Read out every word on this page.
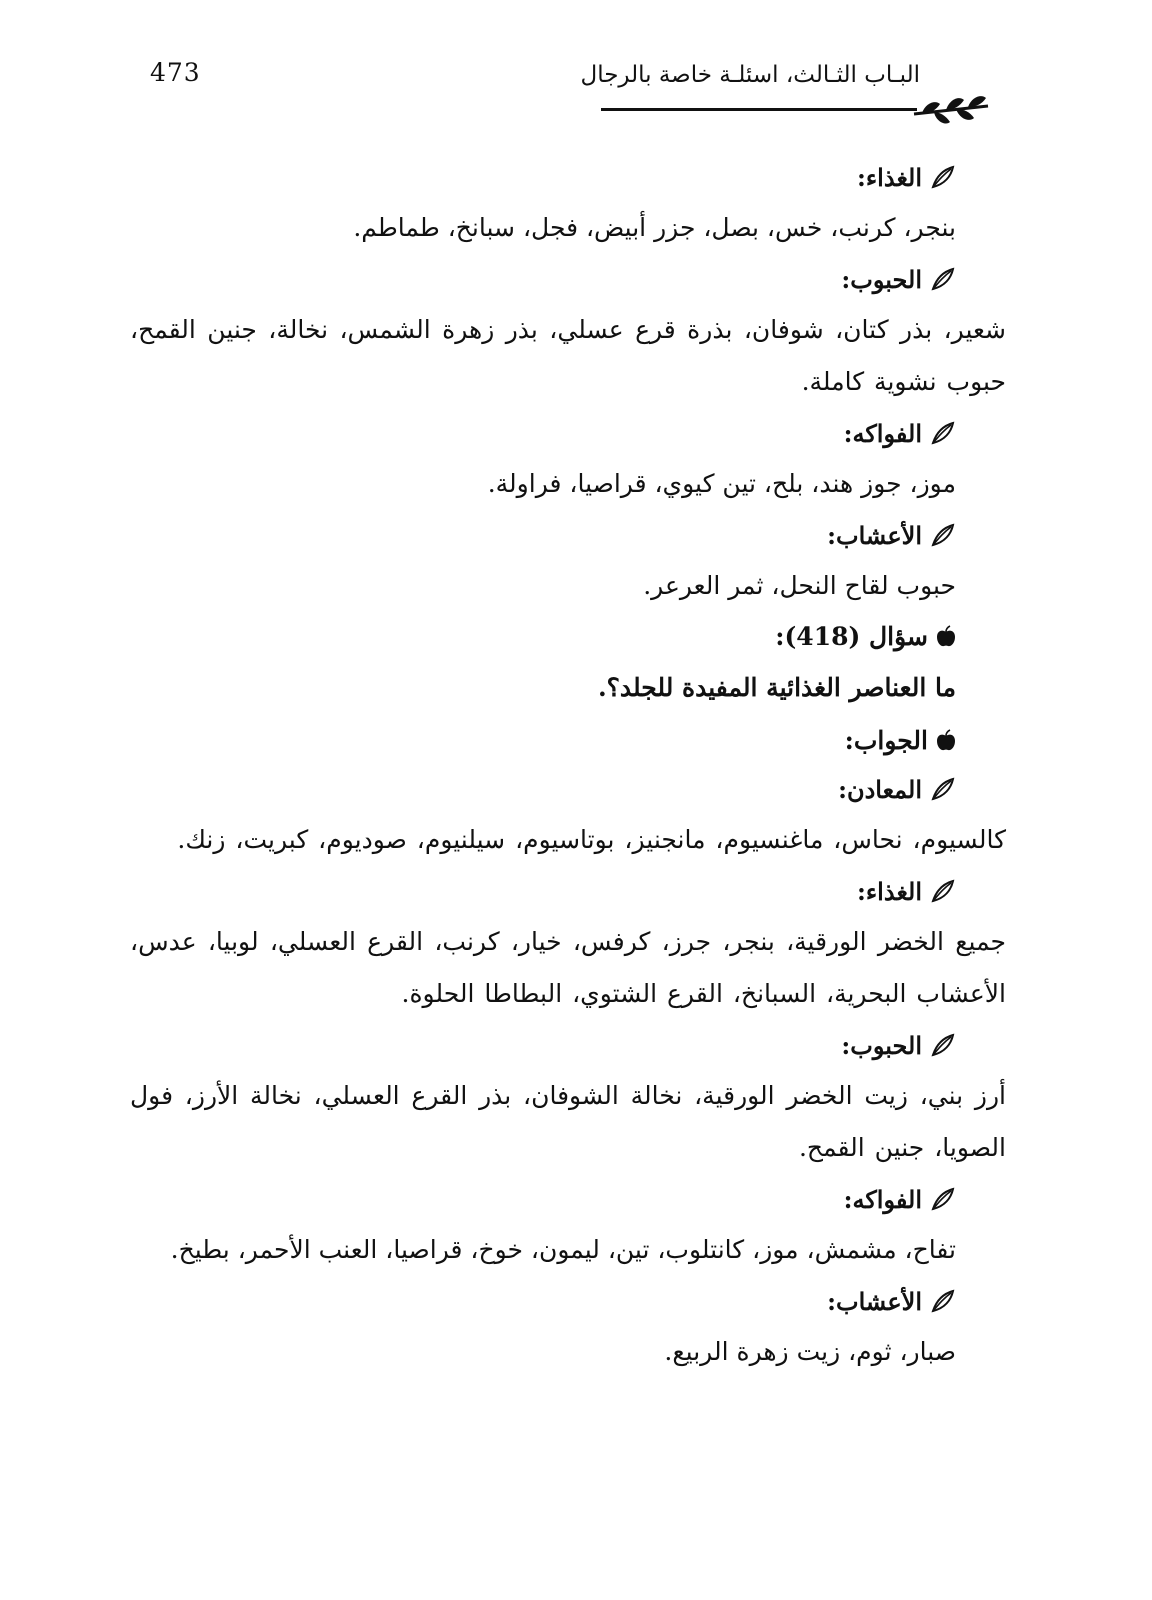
473	البـاب الثـالث، اسئلـة خاصة بالرجال
الغذاء:
بنجر، كرنب، خس، بصل، جزر أبيض، فجل، سبانخ، طماطم.
الحبوب:
شعير، بذر كتان، شوفان، بذرة قرع عسلي، بذر زهرة الشمس، نخالة، جنين القمح، حبوب نشوية كاملة.
الفواكه:
موز، جوز هند، بلح، تين كيوي، قراصيا، فراولة.
الأعشاب:
حبوب لقاح النحل، ثمر العرعر.
سؤال (418):
ما العناصر الغذائية المفيدة للجلد؟.
الجواب:
المعادن:
كالسيوم، نحاس، ماغنسيوم، مانجنيز، بوتاسيوم، سيلنيوم، صوديوم، كبريت، زنك.
الغذاء:
جميع الخضر الورقية، بنجر، جرز، كرفس، خيار، كرنب، القرع العسلي، لوبيا، عدس، الأعشاب البحرية، السبانخ، القرع الشتوي، البطاطا الحلوة.
الحبوب:
أرز بني، زيت الخضر الورقية، نخالة الشوفان، بذر القرع العسلي، نخالة الأرز، فول الصويا، جنين القمح.
الفواكه:
تفاح، مشمش، موز، كانتلوب، تين، ليمون، خوخ، قراصيا، العنب الأحمر، بطيخ.
الأعشاب:
صبار، ثوم، زيت زهرة الربيع.
